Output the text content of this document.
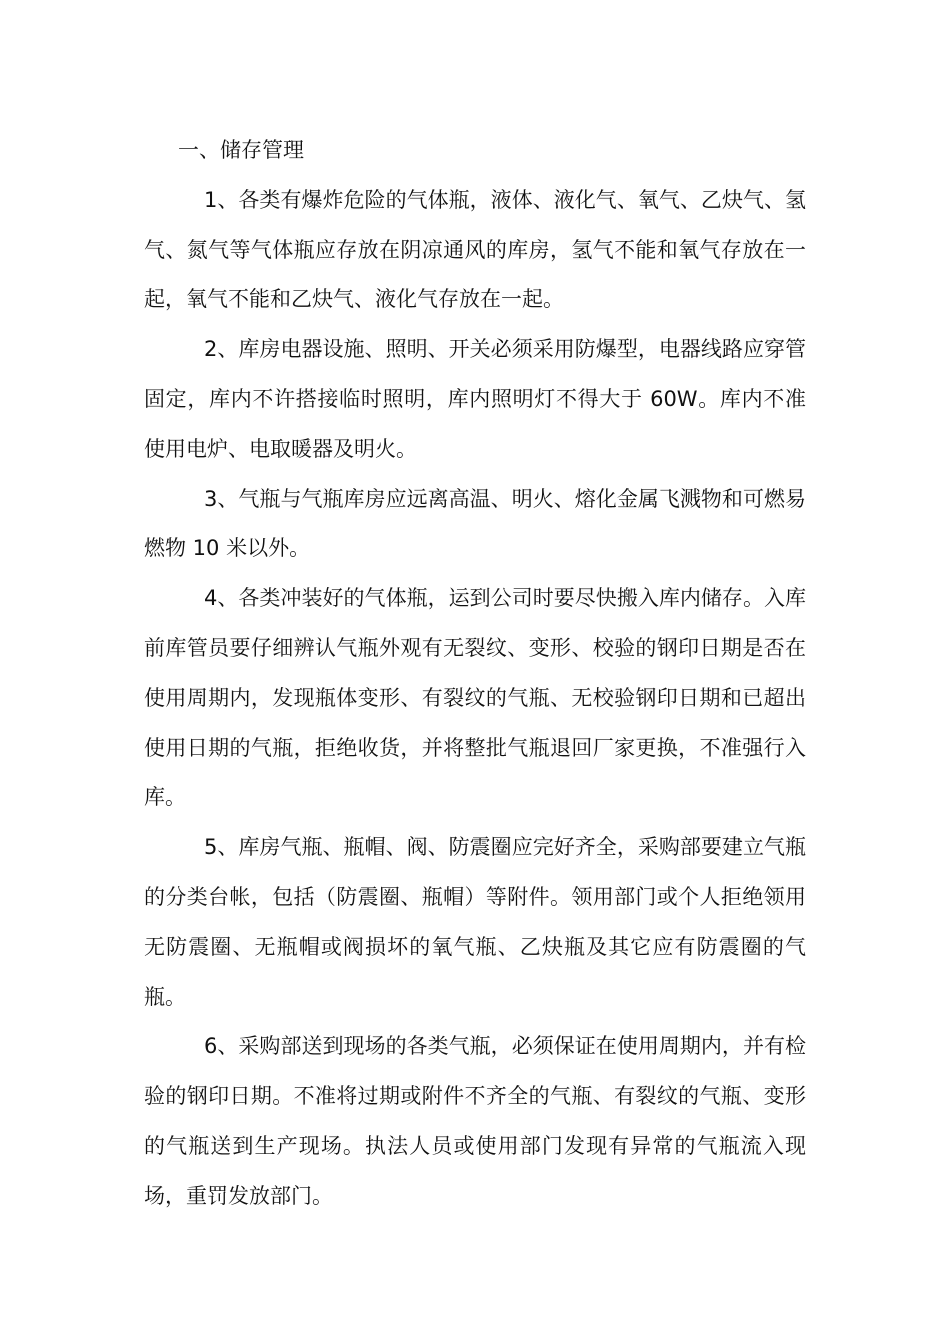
一、储存管理

1、各类有爆炸危险的气体瓶，液体、液化气、氧气、乙炔气、氢气、氮气等气体瓶应存放在阴凉通风的库房，氢气不能和氧气存放在一起，氧气不能和乙炔气、液化气存放在一起。

2、库房电器设施、照明、开关必须采用防爆型，电器线路应穿管固定，库内不许搭接临时照明，库内照明灯不得大于 60W。库内不准使用电炉、电取暖器及明火。

3、气瓶与气瓶库房应远离高温、明火、熔化金属飞溅物和可燃易燃物 10 米以外。

4、各类冲装好的气体瓶，运到公司时要尽快搬入库内储存。入库前库管员要仔细辨认气瓶外观有无裂纹、变形、校验的钢印日期是否在使用周期内，发现瓶体变形、有裂纹的气瓶、无校验钢印日期和已超出使用日期的气瓶，拒绝收货，并将整批气瓶退回厂家更换，不准强行入库。

5、库房气瓶、瓶帽、阀、防震圈应完好齐全，采购部要建立气瓶的分类台帐，包括（防震圈、瓶帽）等附件。领用部门或个人拒绝领用无防震圈、无瓶帽或阀损坏的氧气瓶、乙炔瓶及其它应有防震圈的气瓶。

6、采购部送到现场的各类气瓶，必须保证在使用周期内，并有检验的钢印日期。不准将过期或附件不齐全的气瓶、有裂纹的气瓶、变形的气瓶送到生产现场。执法人员或使用部门发现有异常的气瓶流入现场，重罚发放部门。
